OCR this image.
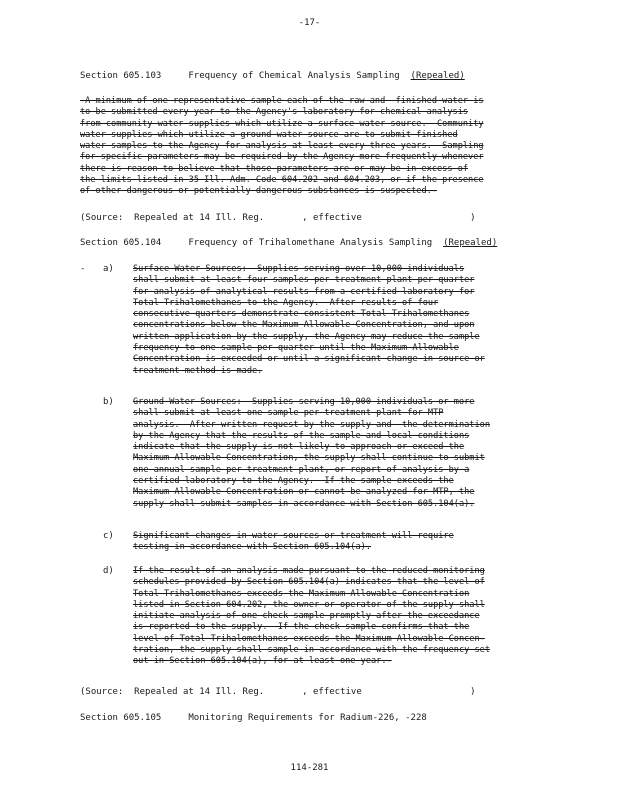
-17-
Section 605.103	Frequency of Chemical Analysis Sampling (Repealed)
-A minimum of one representative sample each of the raw and  finished water is
to be submitted every year to the Agency's laboratory for chemical analysis
from community water supplies which utilize a surface water source.  Community
water supplies which utilize a ground water source are to submit finished
water samples to the Agency for analysis at least every three years.  Sampling
for specific parameters may be required by the Agency more frequently whenever
there is reason to believe that those parameters are or may be in excess of
the limits listed in 35 Ill. Adm. Code 604.202 and 604.203, or if the presence
of other dangerous or potentially dangerous substances is suspected.-
(Source:  Repealed at 14 Ill. Reg.       , effective                    )
Section 605.104	Frequency of Trihalomethane Analysis Sampling (Repealed)
- a) Surface Water Sources:  Supplies serving over 10,000 individuals
shall submit at least four samples per treatment plant per quarter
for analysis of analytical results from a certified laboratory for
Total Trihalomethanes to the Agency.  After results of four
consecutive quarters demonstrate consistent Total Trihalomethanes
concentrations below the Maximum Allowable Concentration, and upon
written application by the supply, the Agency may reduce the sample
frequency to one sample per quarter until the Maximum Allowable
Concentration is exceeded or until a significant change in source or
treatment method is made.
b) Ground Water Sources:  Supplies serving 10,000 individuals or more
shall submit at least one sample per treatment plant for MTP
analysis.  After written request by the supply and  the determination
by the Agency that the results of the sample and local conditions
indicate that the supply is not likely to approach or exceed the
Maximum Allowable Concentration, the supply shall continue to submit
one annual sample per treatment plant, or report of analysis by a
certified laboratory to the Agency.  If the sample exceeds the
Maximum Allowable Concentration or cannot be analyzed for MTP, the
supply shall submit samples in accordance with Section 605.104(a).
c) Significant changes in water sources or treatment will require
testing in accordance with Section 605.104(a).
d) If the result of an analysis made pursuant to the reduced monitoring
schedules provided by Section 605.104(a) indicates that the level of
Total Trihalomethanes exceeds the Maximum Allowable Concentration
listed in Section 604.202, the owner or operator of the supply shall
initiate analysis of one check sample promptly after the exceedance
is reported to the supply.  If the check sample confirms that the
level of Total Trihalomethanes exceeds the Maximum Allowable Concen-
tration, the supply shall sample in accordance with the frequency set
out in Section 605.104(a), for at least one year.-
(Source:  Repealed at 14 Ill. Reg.       , effective                    )
Section 605.105	Monitoring Requirements for Radium-226, -228
114-281
